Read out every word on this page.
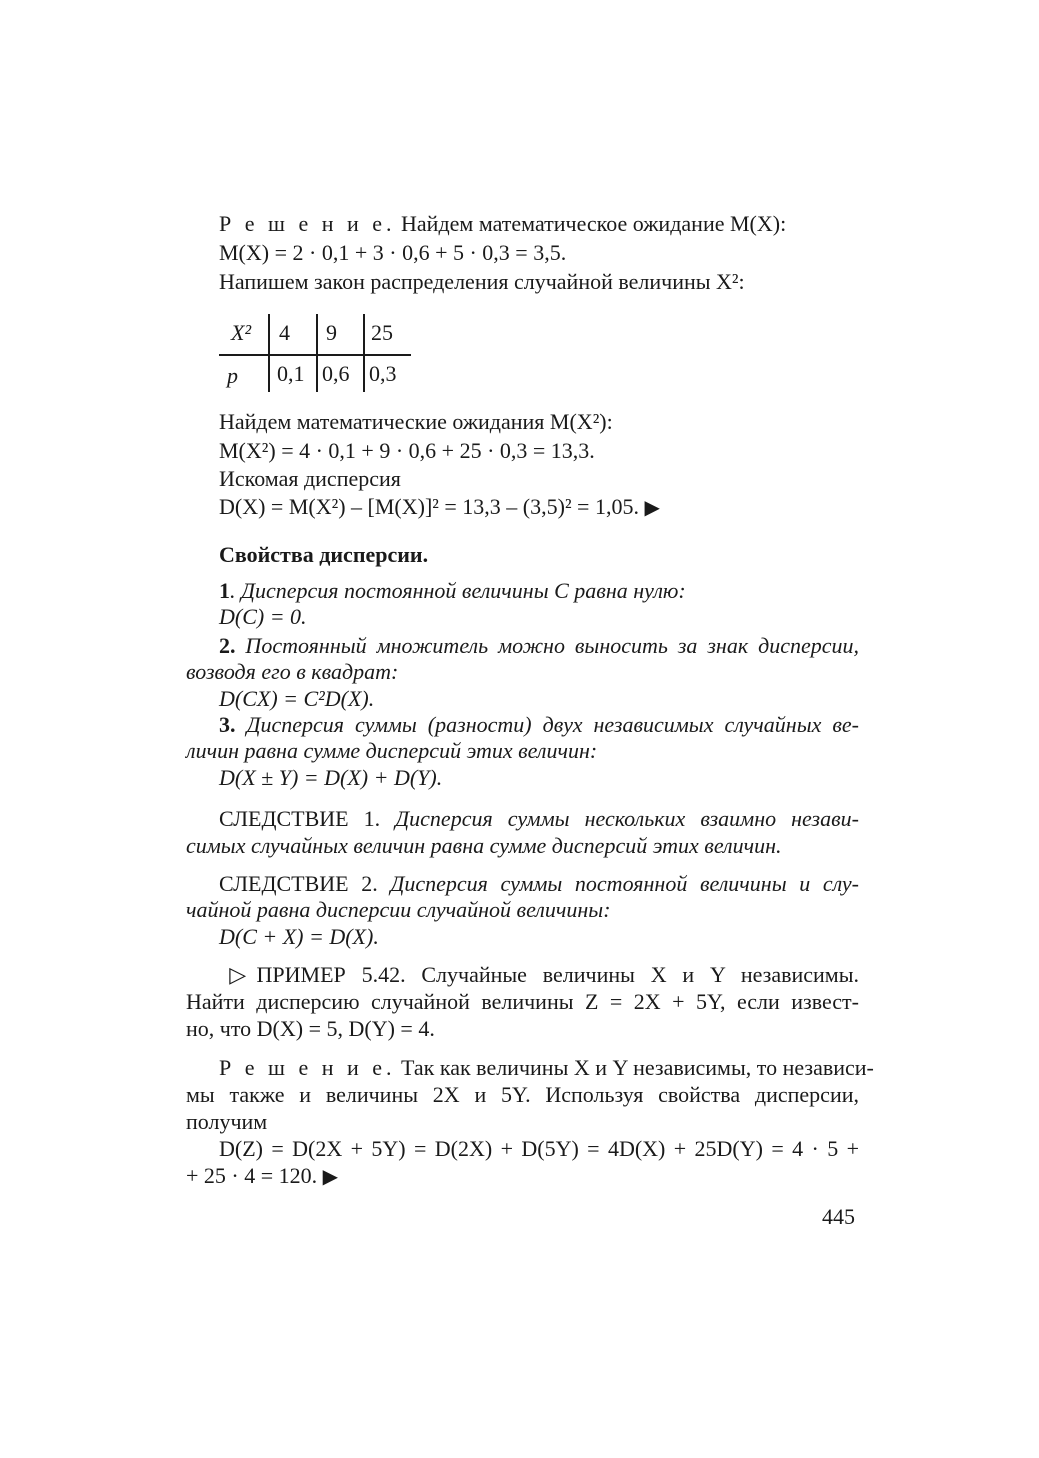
Р е ш е н и е. Найдем математическое ожидание M(X):
M(X) = 2 · 0,1 + 3 · 0,6 + 5 · 0,3 = 3,5.
Напишем закон распределения случайной величины X²:
X² 4 9 25
p 0,1 0,6 0,3
Найдем математические ожидания M(X²):
M(X²) = 4 · 0,1 + 9 · 0,6 + 25 · 0,3 = 13,3.
Искомая дисперсия
D(X) = M(X²) – [M(X)]² = 13,3 – (3,5)² = 1,05. ▶
Свойства дисперсии.
1. Дисперсия постоянной величины C равна нулю:
D(C) = 0.
2. Постоянный множитель можно выносить за знак дисперсии,
возводя его в квадрат:
D(CX) = C²D(X).
3. Дисперсия суммы (разности) двух независимых случайных ве-
личин равна сумме дисперсий этих величин:
D(X ± Y) = D(X) + D(Y).
СЛЕДСТВИЕ 1. Дисперсия суммы нескольких взаимно незави-
симых случайных величин равна сумме дисперсий этих величин.
СЛЕДСТВИЕ 2. Дисперсия суммы постоянной величины и слу-
чайной равна дисперсии случайной величины:
D(C + X) = D(X).
▷ПРИМЕР 5.42. Случайные величины X и Y независимы.
Найти дисперсию случайной величины Z = 2X + 5Y, если извест-
но, что D(X) = 5, D(Y) = 4.
Р е ш е н и е. Так как величины X и Y независимы, то независи-
мы также и величины 2X и 5Y. Используя свойства дисперсии,
получим
D(Z) = D(2X + 5Y) = D(2X) + D(5Y) = 4D(X) + 25D(Y) = 4 · 5 +
+ 25 · 4 = 120. ▶
445
